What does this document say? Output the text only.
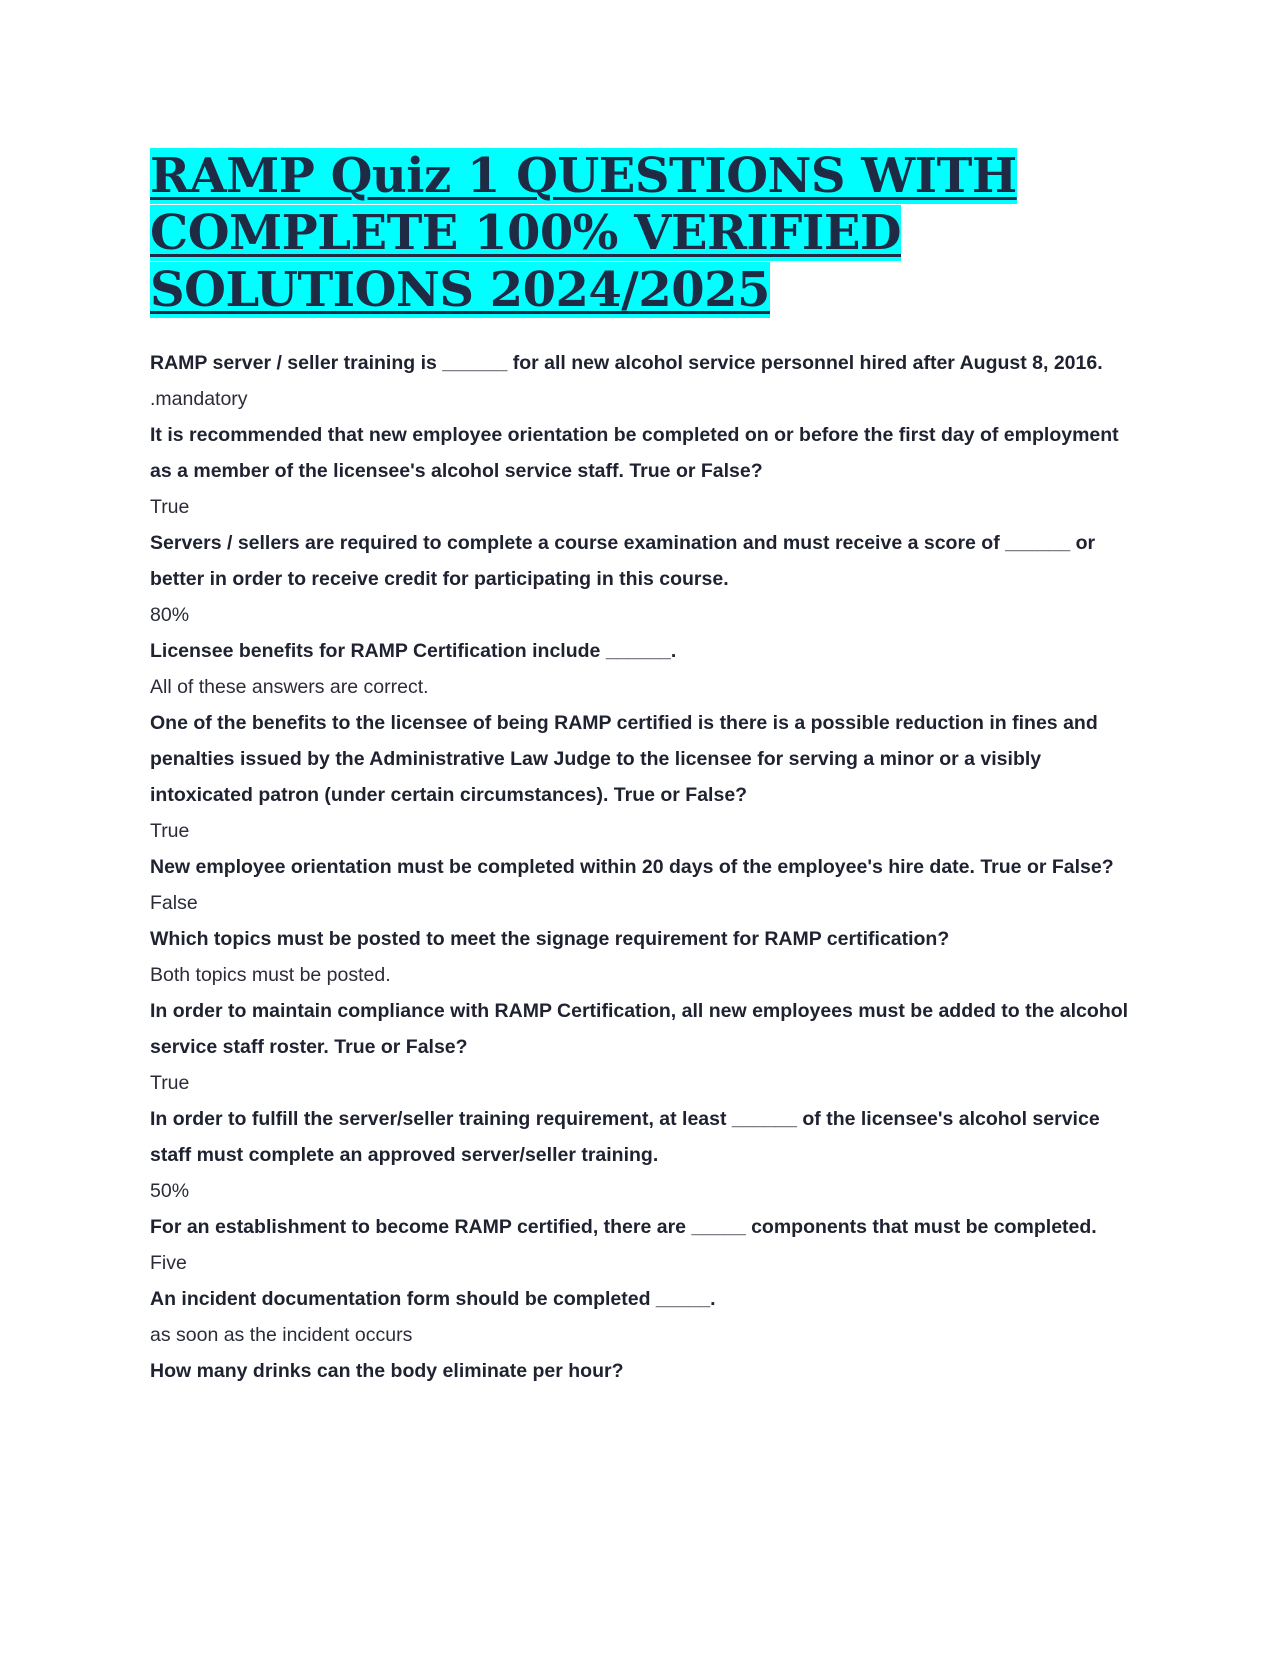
RAMP Quiz 1 QUESTIONS WITH
COMPLETE 100% VERIFIED
SOLUTIONS 2024/2025

RAMP server / seller training is ______ for all new alcohol service personnel hired after August 8, 2016.

.mandatory

It is recommended that new employee orientation be completed on or before the first day of employment as a member of the licensee's alcohol service staff. True or False?

True

Servers / sellers are required to complete a course examination and must receive a score of ______ or better in order to receive credit for participating in this course.

80%

Licensee benefits for RAMP Certification include ______.

All of these answers are correct.

One of the benefits to the licensee of being RAMP certified is there is a possible reduction in fines and penalties issued by the Administrative Law Judge to the licensee for serving a minor or a visibly intoxicated patron (under certain circumstances). True or False?

True

New employee orientation must be completed within 20 days of the employee's hire date. True or False?

False

Which topics must be posted to meet the signage requirement for RAMP certification?

Both topics must be posted.

In order to maintain compliance with RAMP Certification, all new employees must be added to the alcohol service staff roster. True or False?

True

In order to fulfill the server/seller training requirement, at least ______ of the licensee's alcohol service staff must complete an approved server/seller training.

50%

For an establishment to become RAMP certified, there are _____ components that must be completed.

Five

An incident documentation form should be completed _____.

as soon as the incident occurs

How many drinks can the body eliminate per hour?
